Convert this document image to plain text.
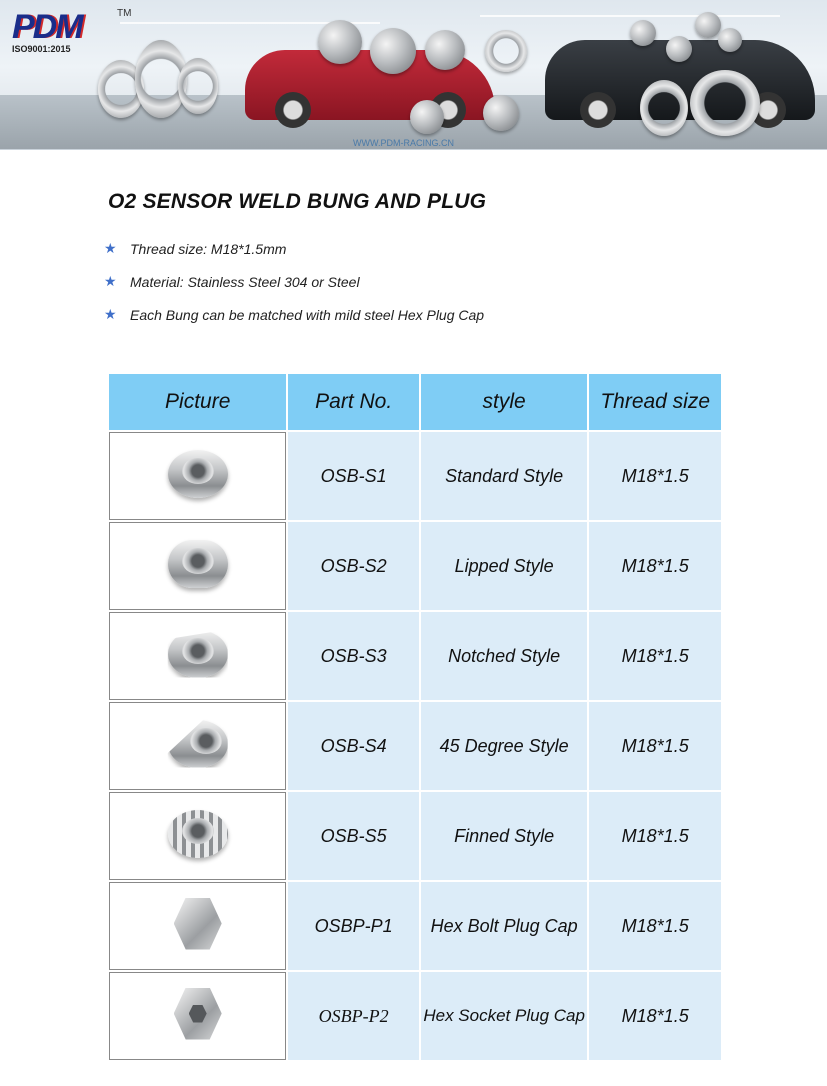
PDM	TM
ISO9001:2015
WWW.PDM-RACING.CN
O2 SENSOR WELD BUNG AND PLUG
★ Thread size: M18*1.5mm
★ Material: Stainless Steel 304 or Steel
★ Each Bung can be matched with mild steel Hex Plug Cap
Picture	Part No.	style	Thread size

	OSB-S1	Standard Style	M18*1.5

	OSB-S2	Lipped Style	M18*1.5

	OSB-S3	Notched Style	M18*1.5

	OSB-S4	45 Degree Style	M18*1.5

	OSB-S5	Finned Style	M18*1.5

	OSBP-P1	Hex Bolt Plug Cap	M18*1.5

	OSBP-P2	Hex Socket Plug Cap	M18*1.5
